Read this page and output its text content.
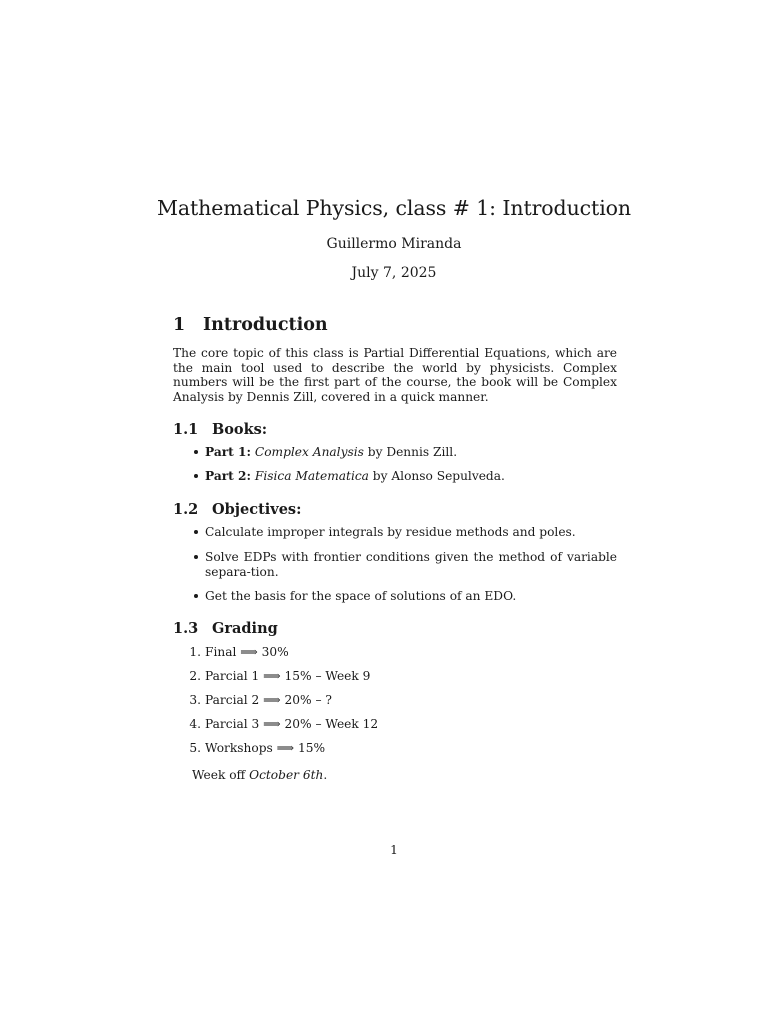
Mathematical Physics, class # 1: Introduction
Guillermo Miranda
July 7, 2025
1 Introduction
The core topic of this class is Partial Differential Equations, which are the main tool used to describe the world by physicists. Complex numbers will be the first part of the course, the book will be Complex Analysis by Dennis Zill, covered in a quick manner.
1.1 Books:
Part 1: Complex Analysis by Dennis Zill.
Part 2: Fisica Matematica by Alonso Sepulveda.
1.2 Objectives:
Calculate improper integrals by residue methods and poles.
Solve EDPs with frontier conditions given the method of variable separa-tion.
Get the basis for the space of solutions of an EDO.
1.3 Grading
1. Final ⟹ 30%
2. Parcial 1 ⟹ 15% – Week 9
3. Parcial 2 ⟹ 20% – ?
4. Parcial 3 ⟹ 20% – Week 12
5. Workshops ⟹ 15%
Week off October 6th.
1
